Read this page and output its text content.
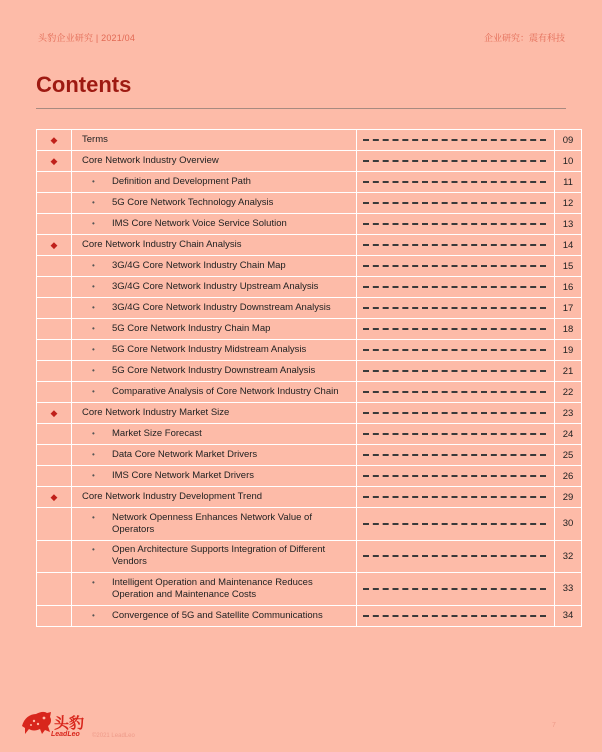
头豹企业研究 | 2021/04	企业研究：震有科技
Contents
◆	Terms		09
◆	Core Network Industry Overview		10

	• Definition and Development Path		11

	• 5G Core Network Technology Analysis		12

	• IMS Core Network Voice Service Solution		13
◆	Core Network Industry Chain Analysis		14

	• 3G/4G Core Network Industry Chain Map		15

	• 3G/4G Core Network Industry Upstream Analysis		16

	• 3G/4G Core Network Industry Downstream Analysis		17

	• 5G Core Network Industry Chain Map		18

	• 5G Core Network Industry Midstream Analysis		19

	• 5G Core Network Industry Downstream Analysis		21

	• Comparative Analysis of Core Network Industry Chain		22
◆	Core Network Industry Market Size		23

	• Market Size Forecast		24

	• Data Core Network Market Drivers		25

	• IMS Core Network Market Drivers		26
◆	Core Network Industry Development Trend		29

	• Network Openness Enhances Network Value of Operators		30

	• Open Architecture Supports Integration of Different Vendors		32

	• Intelligent Operation and Maintenance Reduces Operation and Maintenance Costs		33

	• Convergence of 5G and Satellite Communications		34
头豹
LeadLeo ©2021 LeadLeo
7
